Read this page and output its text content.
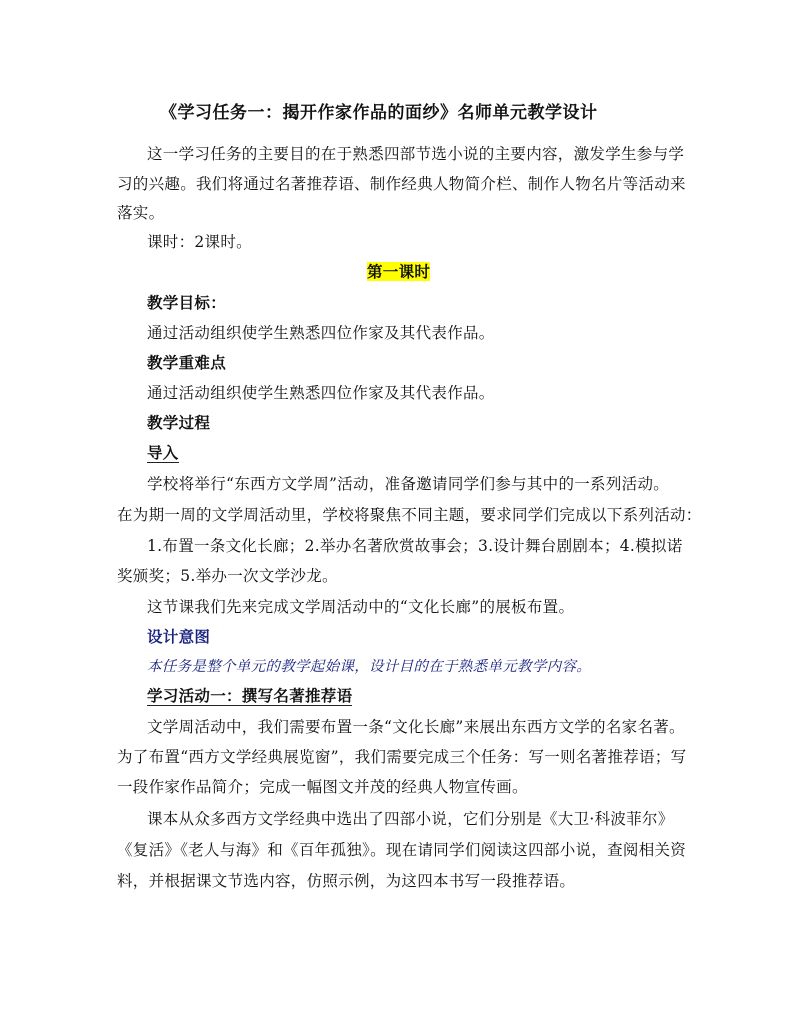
《学习任务一：揭开作家作品的面纱》名师单元教学设计
这一学习任务的主要目的在于熟悉四部节选小说的主要内容，激发学生参与学
习的兴趣。我们将通过名著推荐语、制作经典人物简介栏、制作人物名片等活动来
落实。
课时：2课时。
第一课时
教学目标：
通过活动组织使学生熟悉四位作家及其代表作品。
教学重难点
通过活动组织使学生熟悉四位作家及其代表作品。
教学过程
导入
学校将举行“东西方文学周”活动，准备邀请同学们参与其中的一系列活动。
在为期一周的文学周活动里，学校将聚焦不同主题，要求同学们完成以下系列活动：
1.布置一条文化长廊；2.举办名著欣赏故事会；3.设计舞台剧剧本；4.模拟诺
奖颁奖；5.举办一次文学沙龙。
这节课我们先来完成文学周活动中的“文化长廊”的展板布置。
设计意图
本任务是整个单元的教学起始课，设计目的在于熟悉单元教学内容。
学习活动一：撰写名著推荐语
文学周活动中，我们需要布置一条“文化长廊”来展出东西方文学的名家名著。
为了布置“西方文学经典展览窗”，我们需要完成三个任务：写一则名著推荐语；写
一段作家作品简介；完成一幅图文并茂的经典人物宣传画。
课本从众多西方文学经典中选出了四部小说，它们分别是《大卫·科波菲尔》
《复活》《老人与海》和《百年孤独》。现在请同学们阅读这四部小说，查阅相关资
料，并根据课文节选内容，仿照示例，为这四本书写一段推荐语。
